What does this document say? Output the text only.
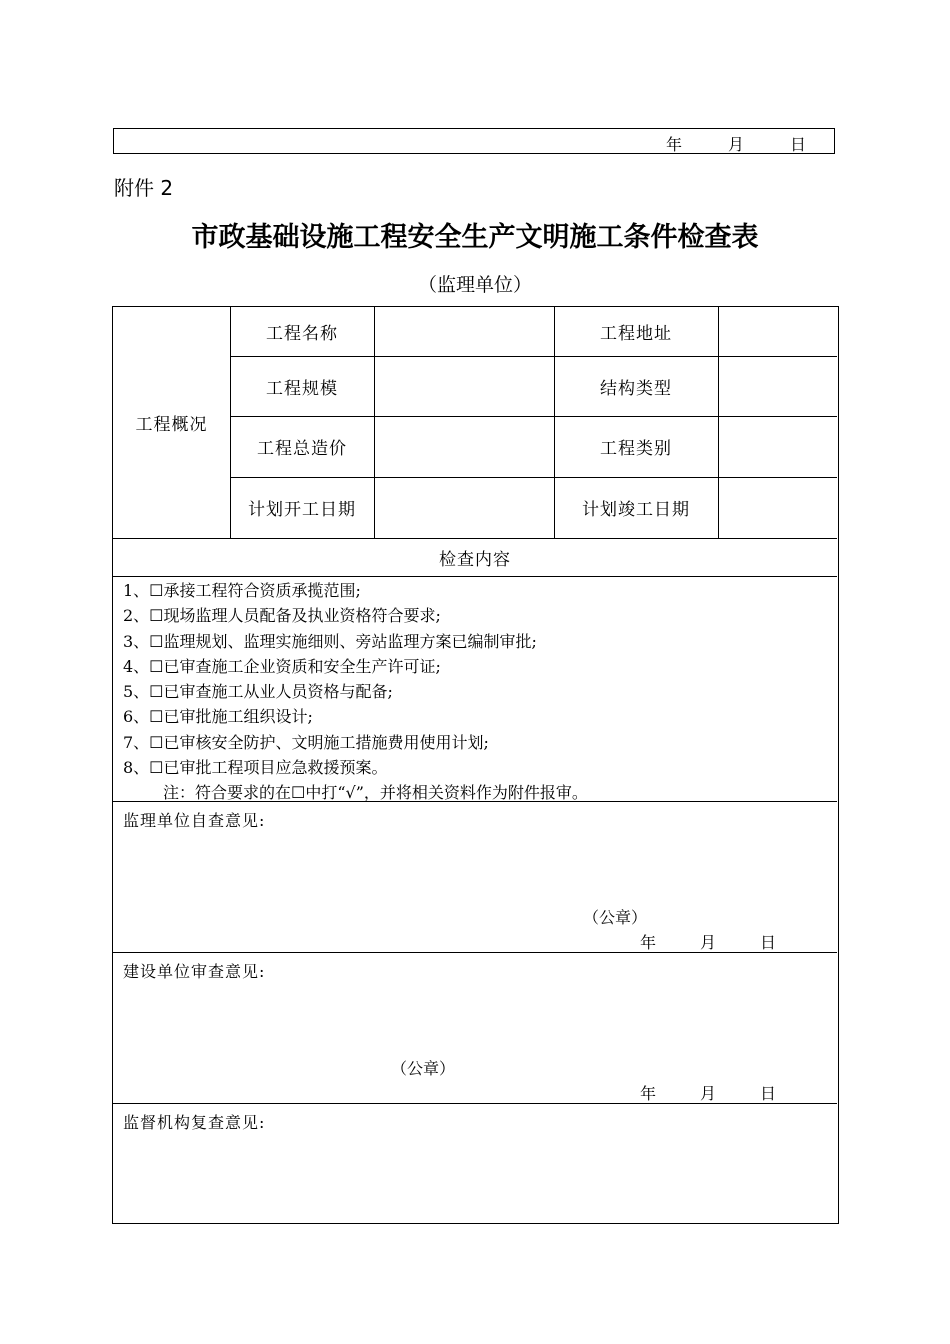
年	月	日
附件 2
市政基础设施工程安全生产文明施工条件检查表
（监理单位）
工程概况
工程名称	工程地址
工程规模	结构类型
工程总造价	工程类别
计划开工日期	计划竣工日期
检查内容
1、☐承接工程符合资质承揽范围;
2、☐现场监理人员配备及执业资格符合要求;
3、☐监理规划、监理实施细则、旁站监理方案已编制审批;
4、☐已审查施工企业资质和安全生产许可证;
5、☐已审查施工从业人员资格与配备;
6、☐已审批施工组织设计;
7、☐已审核安全防护、文明施工措施费用使用计划;
8、☐已审批工程项目应急救援预案。
注：符合要求的在☐中打“√”，并将相关资料作为附件报审。
监理单位自查意见:
（公章）
年	月	日
建设单位审查意见:
（公章）
年	月	日
监督机构复查意见:
